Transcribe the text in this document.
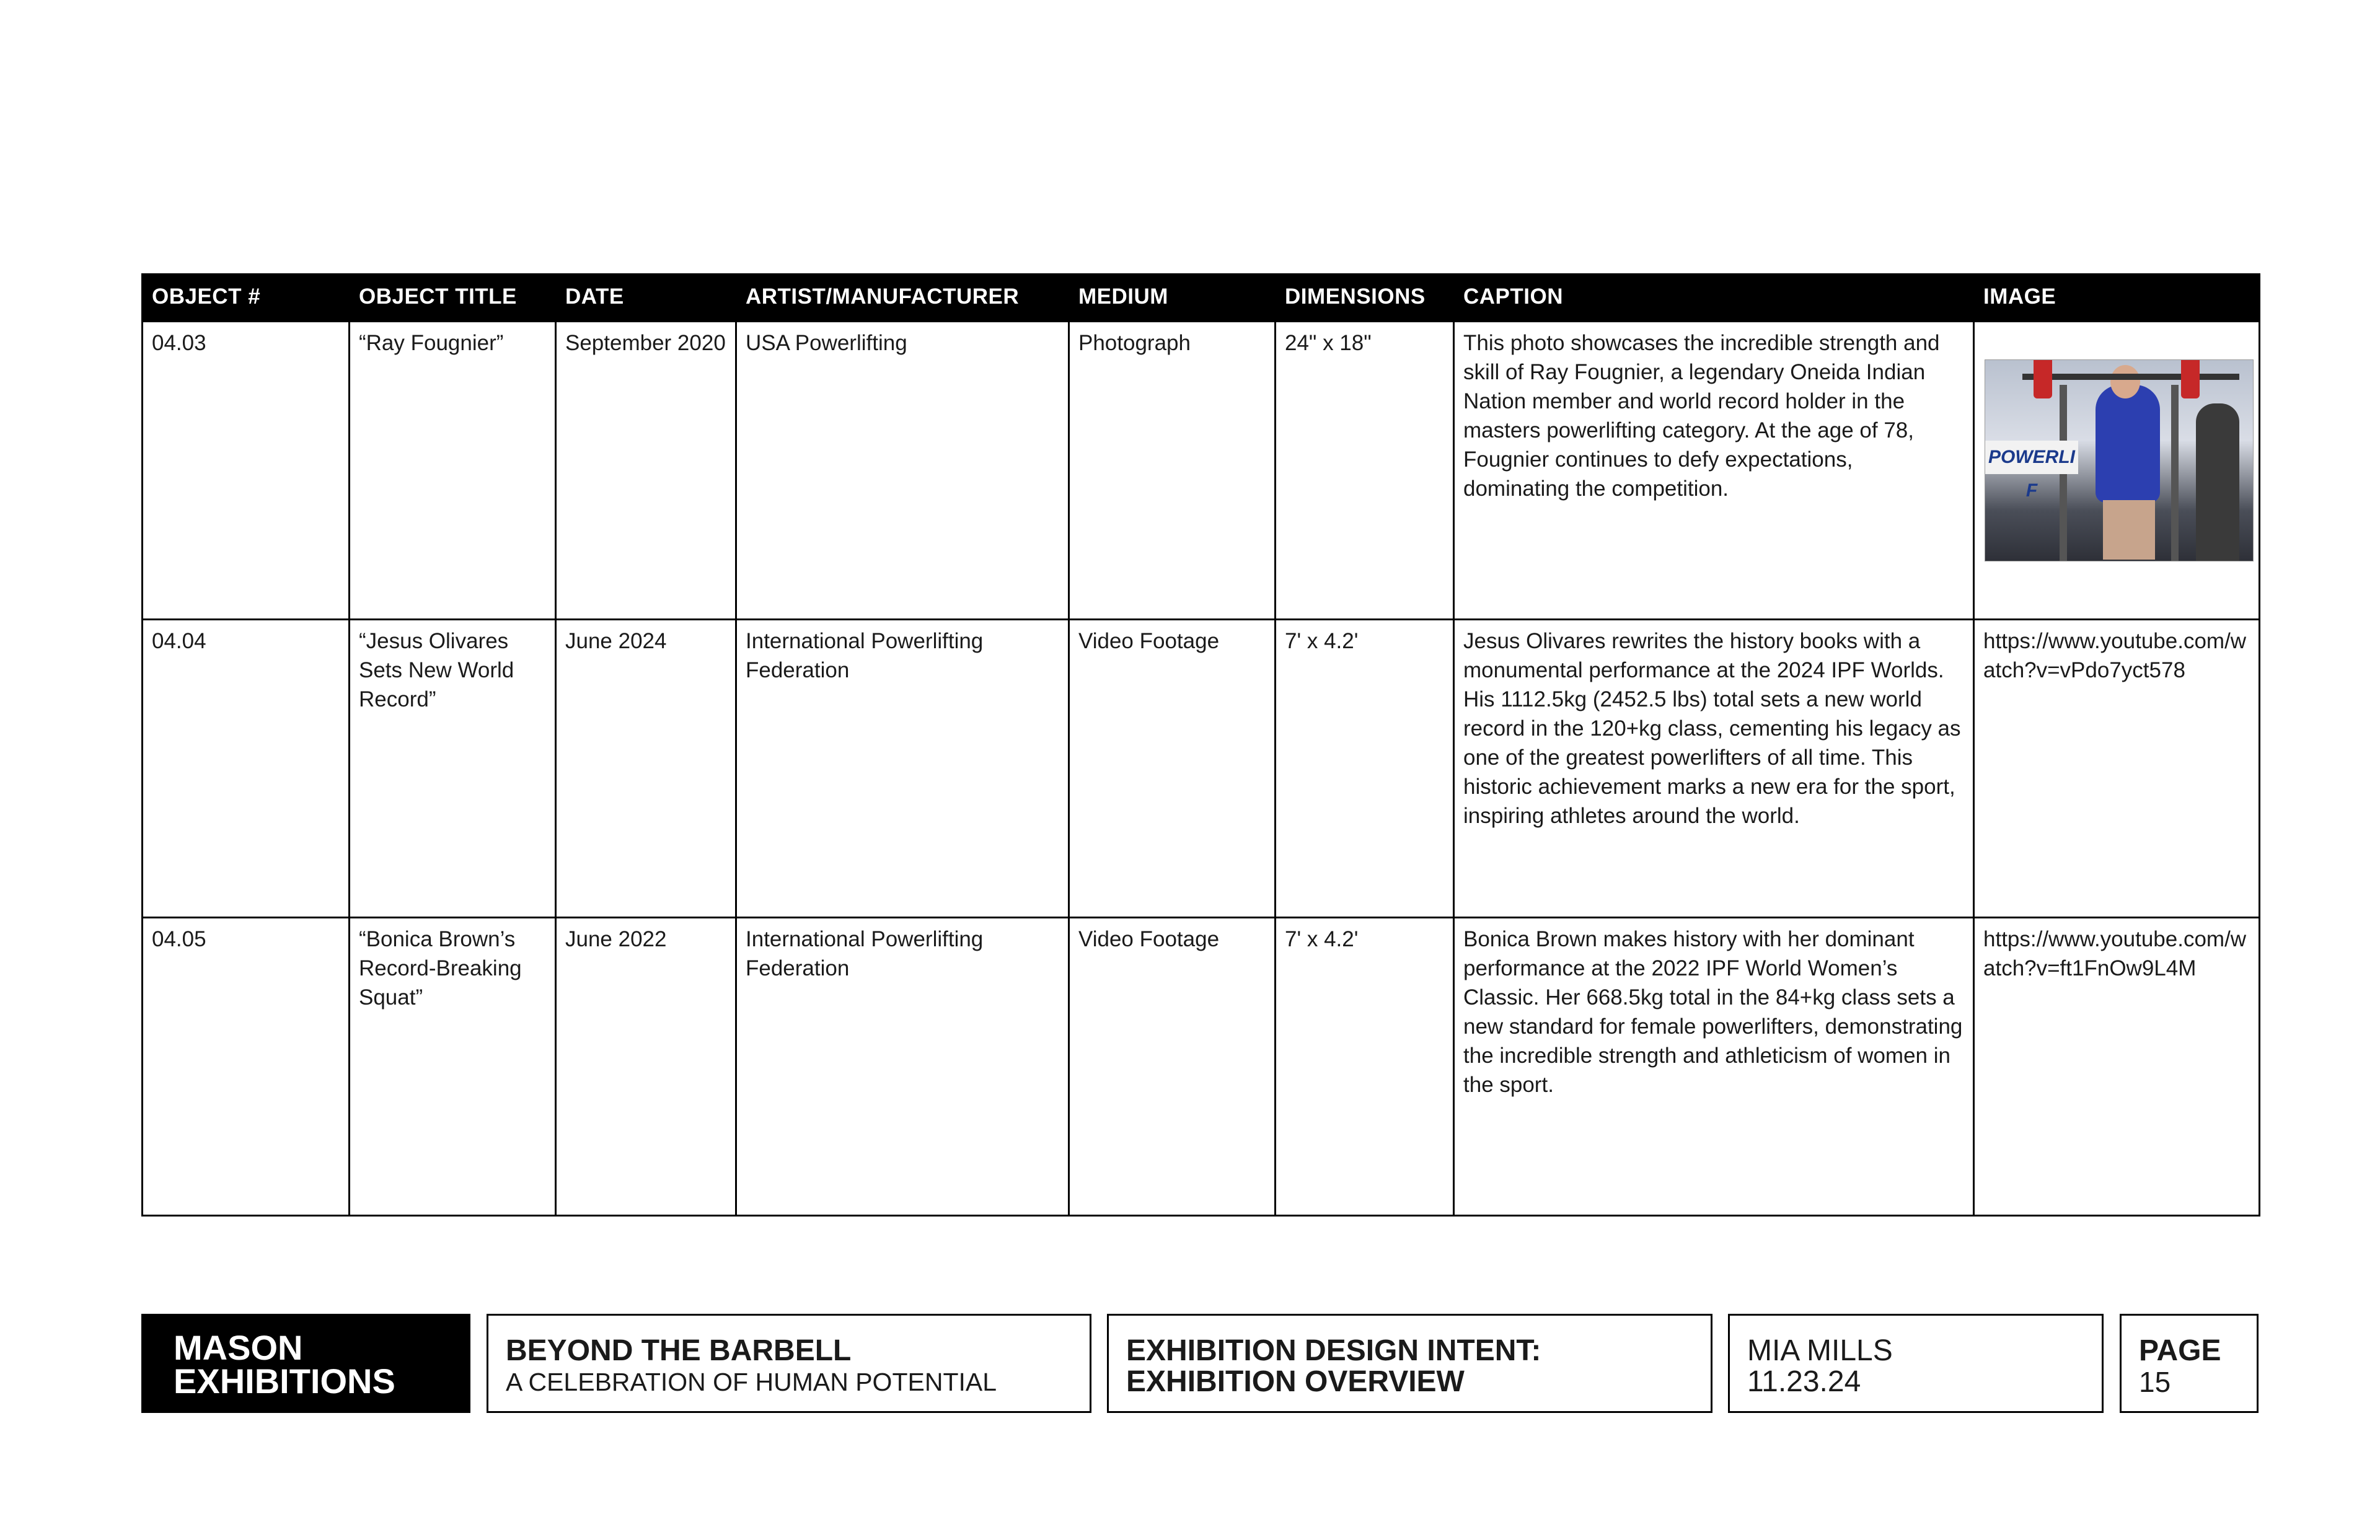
OBJECT #	OBJECT TITLE	DATE	ARTIST/MANUFACTURER	MEDIUM	DIMENSIONS	CAPTION	IMAGE
04.03	“Ray Fougnier”	September 2020	USA Powerlifting	Photograph	24" x 18"	This photo showcases the incredible strength and skill of Ray Fougnier, a legendary Oneida Indian Nation member and world record holder in the masters powerlifting category. At the age of 78, Fougnier continues to defy expectations, dominating the competition.	POWERLIF

04.04	“Jesus Olivares Sets New World Record”	June 2024	International Powerlifting Federation	Video Footage	7' x 4.2'	Jesus Olivares rewrites the history books with a monumental performance at the 2024 IPF Worlds. His 1112.5kg (2452.5 lbs) total sets a new world record in the 120+kg class, cementing his legacy as one of the greatest powerlifters of all time. This historic achievement marks a new era for the sport, inspiring athletes around the world.	https://www.youtube.com/watch?v=vPdo7yct578
04.05	“Bonica Brown’s Record-Breaking Squat”	June 2022	International Powerlifting Federation	Video Footage	7' x 4.2'	Bonica Brown makes history with her dominant performance at the 2022 IPF World Women’s Classic. Her 668.5kg total in the 84+kg class sets a new standard for female powerlifters, demonstrating the incredible strength and athleticism of women in the sport.	https://www.youtube.com/watch?v=ft1FnOw9L4M
MASON
EXHIBITIONS
BEYOND THE BARBELL
A CELEBRATION OF HUMAN POTENTIAL
EXHIBITION DESIGN INTENT:
EXHIBITION OVERVIEW
MIA MILLS
11.23.24
PAGE
15
